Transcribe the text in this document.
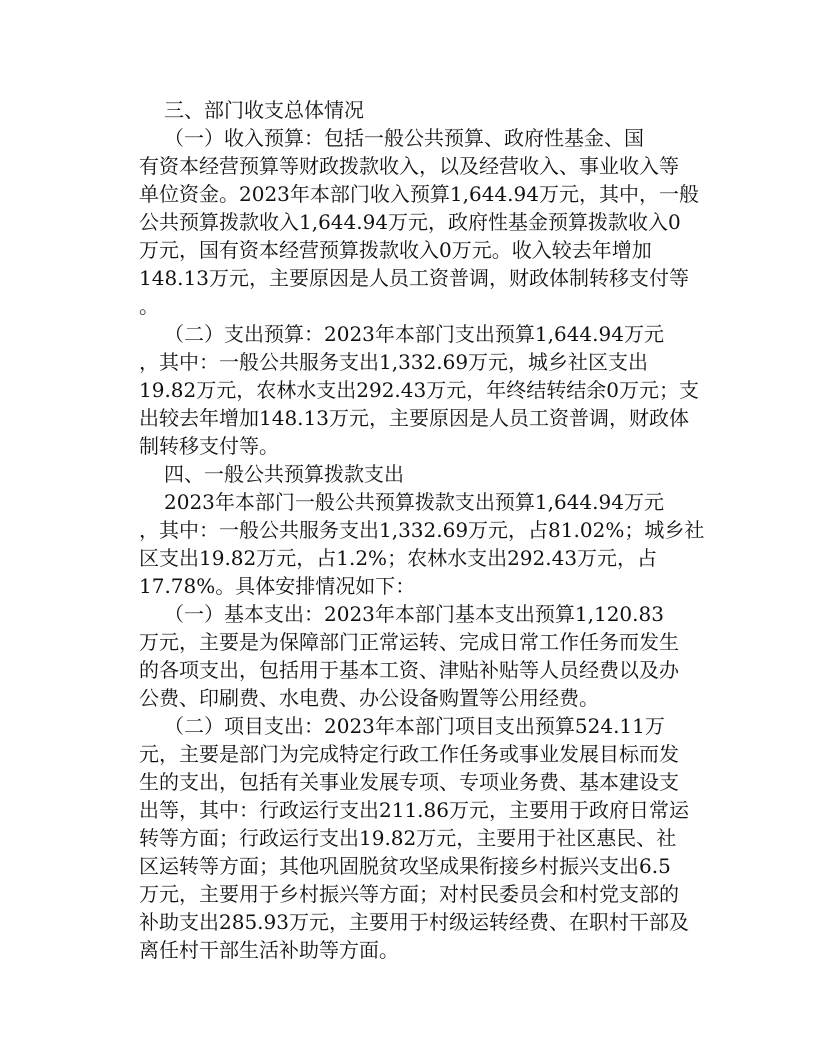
三、部门收支总体情况

（一）收入预算：包括一般公共预算、政府性基金、国

有资本经营预算等财政拨款收入，以及经营收入、事业收入等

单位资金。2023年本部门收入预算1,644.94万元，其中，一般

公共预算拨款收入1,644.94万元，政府性基金预算拨款收入0

万元，国有资本经营预算拨款收入0万元。收入较去年增加

148.13万元，主要原因是人员工资普调，财政体制转移支付等

。

（二）支出预算：2023年本部门支出预算1,644.94万元

，其中：一般公共服务支出1,332.69万元，城乡社区支出

19.82万元，农林水支出292.43万元，年终结转结余0万元；支

出较去年增加148.13万元，主要原因是人员工资普调，财政体

制转移支付等。

四、一般公共预算拨款支出

2023年本部门一般公共预算拨款支出预算1,644.94万元

，其中：一般公共服务支出1,332.69万元，占81.02%；城乡社

区支出19.82万元，占1.2%；农林水支出292.43万元，占

17.78%。具体安排情况如下：

（一）基本支出：2023年本部门基本支出预算1,120.83

万元，主要是为保障部门正常运转、完成日常工作任务而发生

的各项支出，包括用于基本工资、津贴补贴等人员经费以及办

公费、印刷费、水电费、办公设备购置等公用经费。

（二）项目支出：2023年本部门项目支出预算524.11万

元，主要是部门为完成特定行政工作任务或事业发展目标而发

生的支出，包括有关事业发展专项、专项业务费、基本建设支

出等，其中：行政运行支出211.86万元，主要用于政府日常运

转等方面；行政运行支出19.82万元，主要用于社区惠民、社

区运转等方面；其他巩固脱贫攻坚成果衔接乡村振兴支出6.5

万元，主要用于乡村振兴等方面；对村民委员会和村党支部的

补助支出285.93万元，主要用于村级运转经费、在职村干部及

离任村干部生活补助等方面。
